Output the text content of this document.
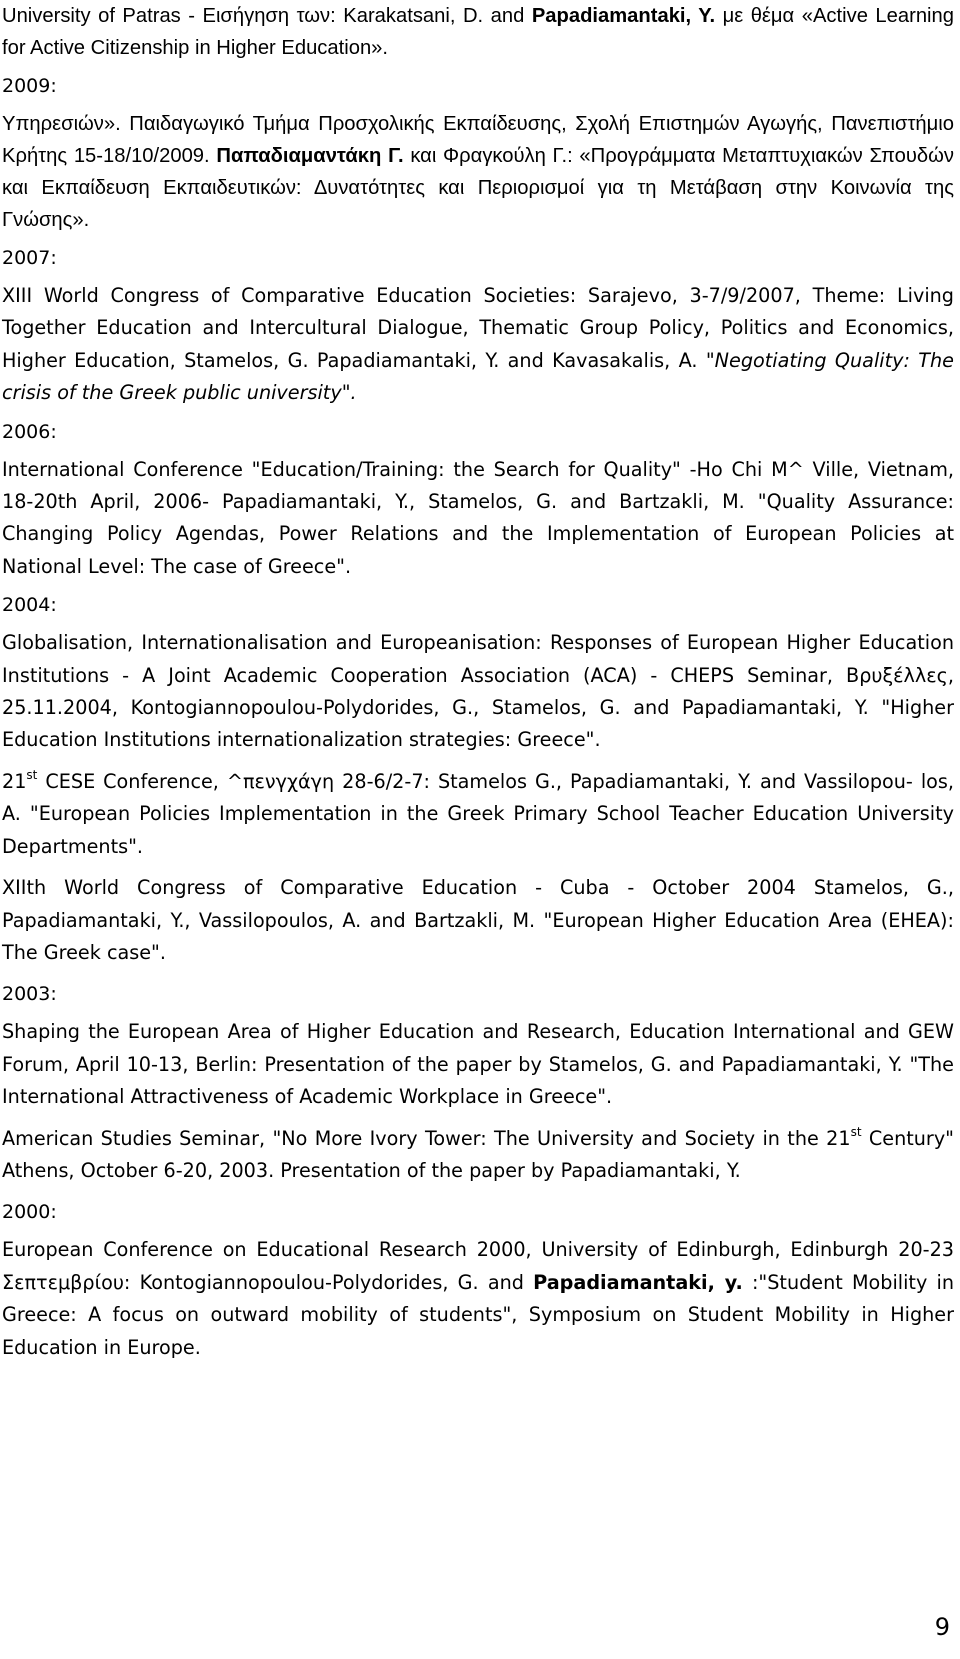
University of Patras - Εισήγηση των: Karakatsani, D. and Papadiamantaki, Y. με θέμα «Active Learning for Active Citizenship in Higher Education».

2009:

Υπηρεσιών». Παιδαγωγικό Τμήμα Προσχολικής Εκπαίδευσης, Σχολή Επιστημών Αγωγής, Πανεπιστήμιο Κρήτης 15-18/10/2009. Παπαδιαμαντάκη Γ. και Φραγκούλη Γ.: «Προγράμματα Μεταπτυχιακών Σπουδών και Εκπαίδευση Εκπαιδευτικών: Δυνατότητες και Περιορισμοί για τη Μετάβαση στην Κοινωνία της Γνώσης».

2007:

XIII World Congress of Comparative Education Societies: Sarajevo, 3-7/9/2007, Theme: Living Together Education and Intercultural Dialogue, Thematic Group Policy, Politics and Economics, Higher Education, Stamelos, G. Papadiamantaki, Y. and Kavasakalis, A. "Negotiating Quality: The crisis of the Greek public university".

2006:

International Conference "Education/Training: the Search for Quality" -Ho Chi M^ Ville, Vietnam, 18-20th April, 2006- Papadiamantaki, Y., Stamelos, G. and Bartzakli, M. "Quality Assurance: Changing Policy Agendas, Power Relations and the Implementation of European Policies at National Level: The case of Greece".

2004:

Globalisation, Internationalisation and Europeanisation: Responses of European Higher Education Institutions - A Joint Academic Cooperation Association (ACA) - CHEPS Seminar, Βρυξέλλες, 25.11.2004, Kontogiannopoulou-Polydorides, G., Stamelos, G. and Papadiamantaki, Y. "Higher Education Institutions internationalization strategies: Greece".

21st CESE Conference, ^πενγχάγη 28-6/2-7: Stamelos G., Papadiamantaki, Y. and Vassilopou- los, A. "European Policies Implementation in the Greek Primary School Teacher Education University Departments".

XIIth World Congress of Comparative Education - Cuba - October 2004 Stamelos, G., Papadiamantaki, Y., Vassilopoulos, A. and Bartzakli, M. "European Higher Education Area (EHEA): The Greek case".

2003:

Shaping the European Area of Higher Education and Research, Education International and GEW Forum, April 10-13, Berlin: Presentation of the paper by Stamelos, G. and Papadiamantaki, Y. "The International Attractiveness of Academic Workplace in Greece".

American Studies Seminar, "No More Ivory Tower: The University and Society in the 21st Century" Athens, October 6-20, 2003. Presentation of the paper by Papadiamantaki, Y.

2000:

European Conference on Educational Research 2000, University of Edinburgh, Edinburgh 20-23 Σεπτεμβρίου: Kontogiannopoulou-Polydorides, G. and Papadiamantaki, y. :"Student Mobility in Greece: A focus on outward mobility of students", Symposium on Student Mobility in Higher Education in Europe.

9
